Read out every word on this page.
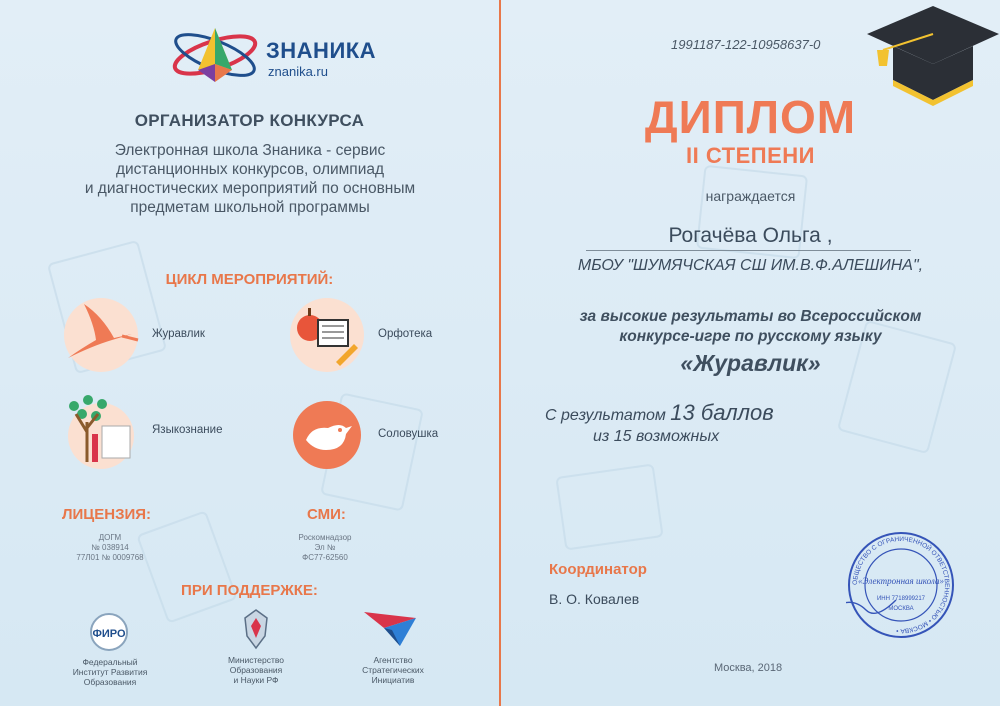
ЗНАНИКА
znanika.ru
ОРГАНИЗАТОР КОНКУРСА
Электронная школа Знаника - сервис
дистанционных конкурсов, олимпиад
и диагностических мероприятий по основным
предметам школьной программы
ЦИКЛ МЕРОПРИЯТИЙ:
Журавлик	Орфотека
Языкознание	Соловушка
ЛИЦЕНЗИЯ:
ДОГМ
№ 038914
77Л01 № 0009768
СМИ:
Роскомнадзор
Эл №
ФС77-62560
ПРИ ПОДДЕРЖКЕ:
ФИРО
Федеральный
Институт Развития
Образования
Министерство
Образования
и Науки РФ
Агентство
Стратегических
Инициатив
1991187-122-10958637-0
ДИПЛОМ
II СТЕПЕНИ
награждается
Рогачёва Ольга ,
МБОУ "ШУМЯЧСКАЯ СШ ИМ.В.Ф.АЛЕШИНА",
за высокие результаты во Всероссийском
конкурсе-игре по русскому языку
«Журавлик»
С результатом 13 баллов
из 15 возможных
Координатор
В. О. Ковалев
ОБЩЕСТВО С ОГРАНИЧЕННОЙ ОТВЕТСТВЕННОСТЬЮ • МОСКВА •
«Электронная школа»
ИНН 7718999217
МОСКВА
Москва, 2018
